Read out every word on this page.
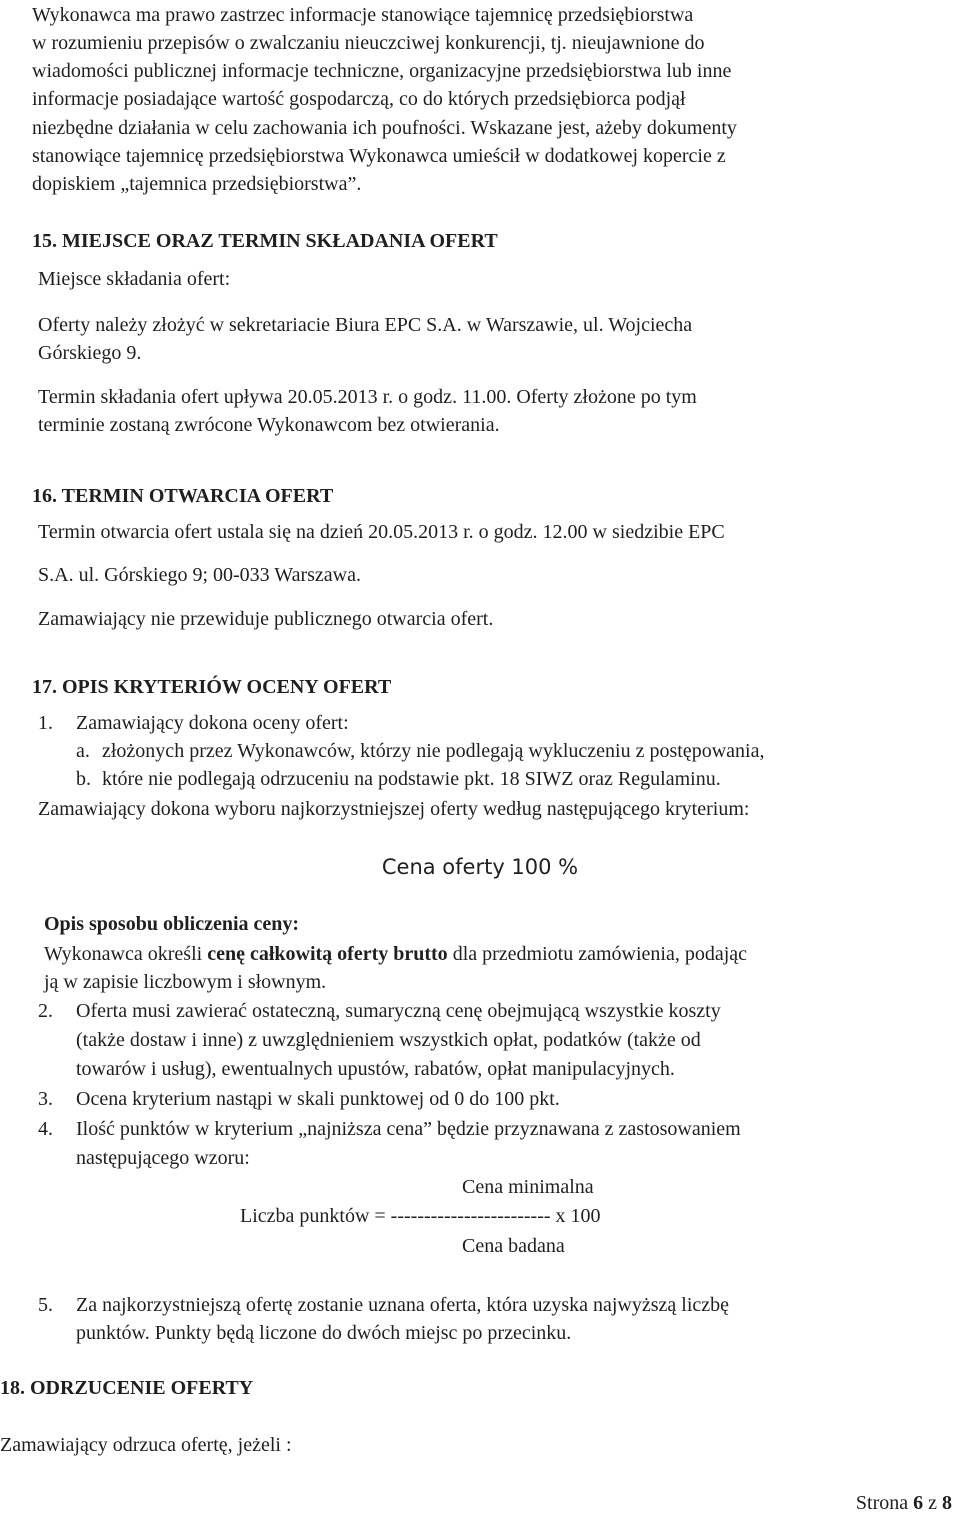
Wykonawca ma prawo zastrzec informacje stanowiące tajemnicę przedsiębiorstwa
w rozumieniu przepisów o zwalczaniu nieuczciwej konkurencji, tj. nieujawnione do
wiadomości publicznej informacje techniczne, organizacyjne przedsiębiorstwa lub inne
informacje posiadające wartość gospodarczą, co do których przedsiębiorca podjął
niezbędne działania w celu zachowania ich poufności. Wskazane jest, ażeby dokumenty
stanowiące tajemnicę przedsiębiorstwa Wykonawca umieścił w dodatkowej kopercie z
dopiskiem „tajemnica przedsiębiorstwa”.
15. MIEJSCE ORAZ TERMIN SKŁADANIA OFERT
Miejsce składania ofert:
Oferty należy złożyć w sekretariacie Biura EPC S.A. w Warszawie, ul. Wojciecha
Górskiego 9.
Termin składania ofert upływa 20.05.2013 r. o godz. 11.00. Oferty złożone po tym
terminie zostaną zwrócone Wykonawcom bez otwierania.
16. TERMIN OTWARCIA OFERT
Termin otwarcia ofert ustala się na dzień 20.05.2013 r. o godz. 12.00 w siedzibie EPC
S.A. ul. Górskiego 9; 00-033 Warszawa.
Zamawiający nie przewiduje publicznego otwarcia ofert.
17. OPIS KRYTERIÓW OCENY OFERT
1. Zamawiający dokona oceny ofert:
a. złożonych przez Wykonawców, którzy nie podlegają wykluczeniu z postępowania,
b. które nie podlegają odrzuceniu na podstawie pkt. 18 SIWZ oraz Regulaminu.
Zamawiający dokona wyboru najkorzystniejszej oferty według następującego kryterium:
Cena oferty 100 %
Opis sposobu obliczenia ceny:
Wykonawca określi cenę całkowitą oferty brutto dla przedmiotu zamówienia, podając
ją w zapisie liczbowym i słownym.
2. Oferta musi zawierać ostateczną, sumaryczną cenę obejmującą wszystkie koszty
(także dostaw i inne) z uwzględnieniem wszystkich opłat, podatków (także od
towarów i usług), ewentualnych upustów, rabatów, opłat manipulacyjnych.
3. Ocena kryterium nastąpi w skali punktowej od 0 do 100 pkt.
4. Ilość punktów w kryterium „najniższa cena” będzie przyznawana z zastosowaniem
następującego wzoru:
Cena minimalna
Liczba punktów = ------------------------ x 100
Cena badana
5. Za najkorzystniejszą ofertę zostanie uznana oferta, która uzyska najwyższą liczbę
punktów. Punkty będą liczone do dwóch miejsc po przecinku.
18. ODRZUCENIE OFERTY
Zamawiający odrzuca ofertę, jeżeli :
Strona 6 z 8
